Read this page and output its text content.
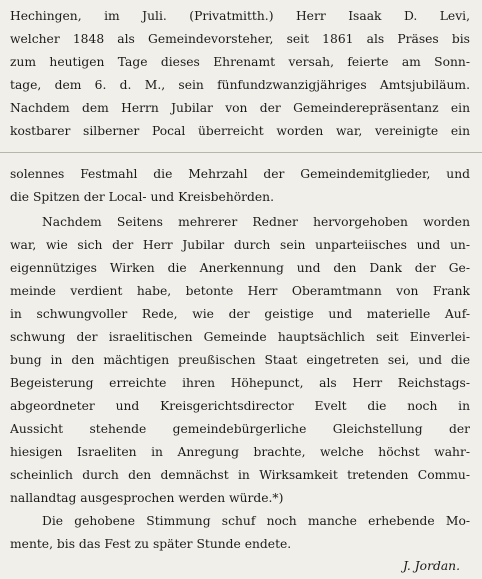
Hechingen, im Juli. (Privatmitth.) Herr Isaak D. Levi,
welcher 1848 als Gemeindevorsteher, seit 1861 als Präses bis
zum heutigen Tage dieses Ehrenamt versah, feierte am Sonn-
tage, dem 6. d. M., sein fünfundzwanzigjähriges Amtsjubiläum.
Nachdem dem Herrn Jubilar von der Gemeinderepräsentanz ein
kostbarer silberner Pocal überreicht worden war, vereinigte ein
solennes Festmahl die Mehrzahl der Gemeindemitglieder, und
die Spitzen der Local- und Kreisbehörden.
Nachdem Seitens mehrerer Redner hervorgehoben worden
war, wie sich der Herr Jubilar durch sein unparteiisches und un-
eigennütziges Wirken die Anerkennung und den Dank der Ge-
meinde verdient habe, betonte Herr Oberamtmann von Frank
in schwungvoller Rede, wie der geistige und materielle Auf-
schwung der israelitischen Gemeinde hauptsächlich seit Einverlei-
bung in den mächtigen preußischen Staat eingetreten sei, und die
Begeisterung erreichte ihren Höhepunct, als Herr Reichstags-
abgeordneter und Kreisgerichtsdirector Evelt die noch in
Aussicht stehende gemeindebürgerliche Gleichstellung der
hiesigen Israeliten in Anregung brachte, welche höchst wahr-
scheinlich durch den demnächst in Wirksamkeit tretenden Commu-
nallandtag ausgesprochen werden würde.*)
Die gehobene Stimmung schuf noch manche erhebende Mo-
mente, bis das Fest zu später Stunde endete.
J. Jordan.
